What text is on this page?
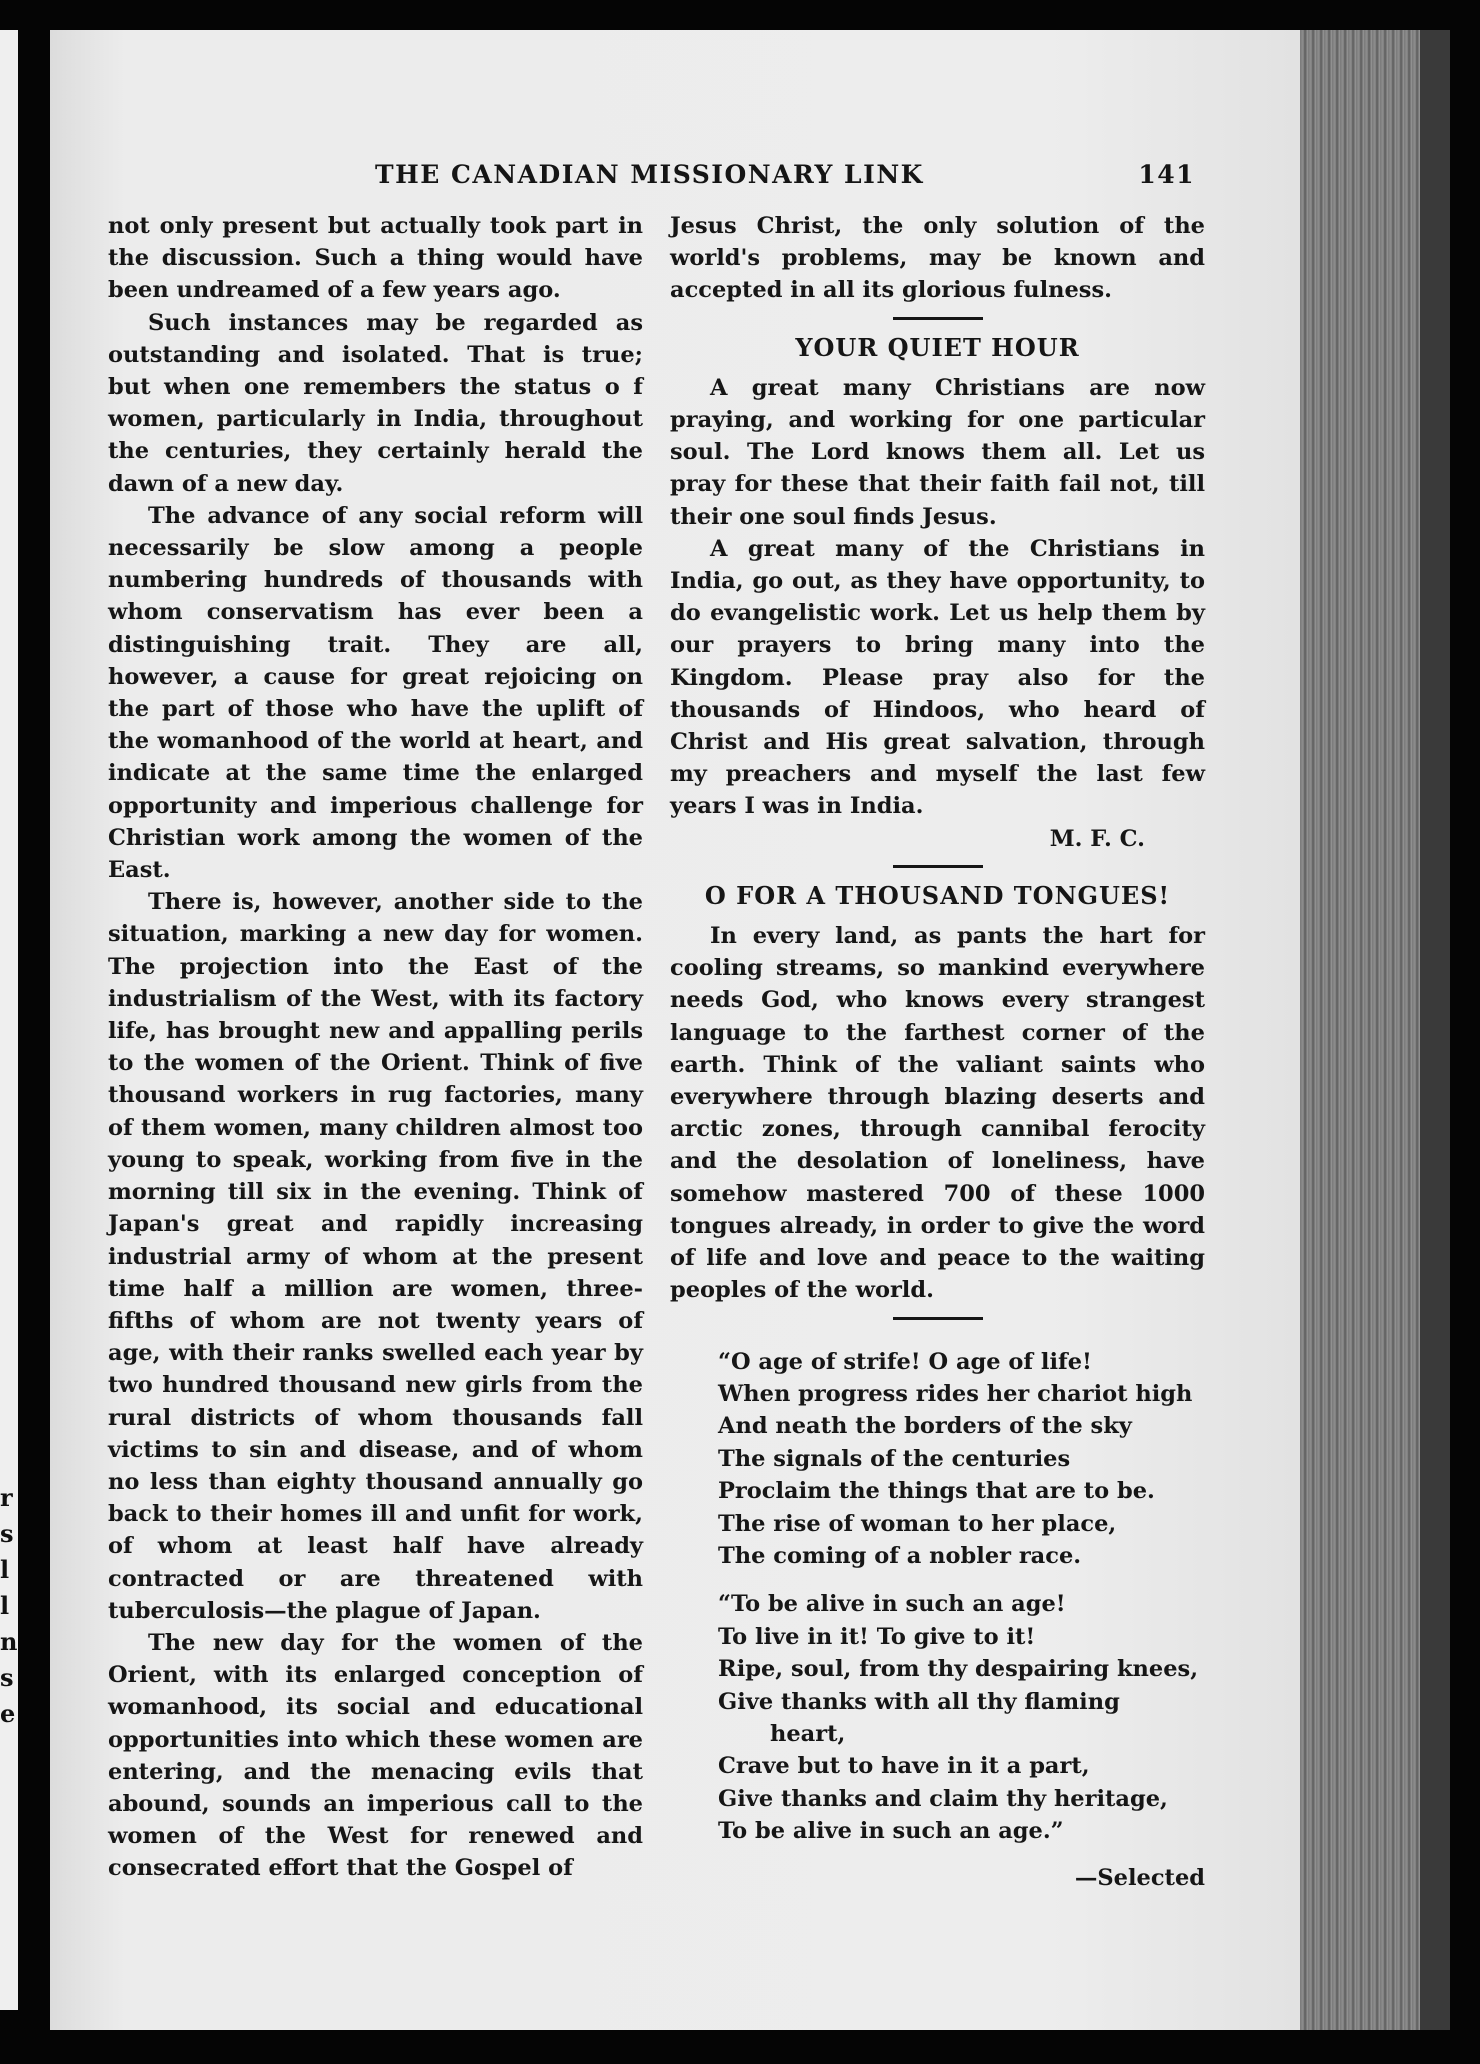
r
s
l
l
n
s
e
THE CANADIAN MISSIONARY LINK	141

not only present but actually took part in the discussion. Such a thing would have been undreamed of a few years ago.

Such instances may be regarded as outstanding and isolated. That is true; but when one remembers the status o f women, particularly in India, throughout the centuries, they certainly herald the dawn of a new day.

The advance of any social reform will necessarily be slow among a people numbering hundreds of thousands with whom conservatism has ever been a distinguishing trait. They are all, however, a cause for great rejoicing on the part of those who have the uplift of the womanhood of the world at heart, and indicate at the same time the enlarged opportunity and imperious challenge for Christian work among the women of the East.

There is, however, another side to the situation, marking a new day for women. The projection into the East of the industrialism of the West, with its factory life, has brought new and appalling perils to the women of the Orient. Think of five thousand workers in rug factories, many of them women, many children almost too young to speak, working from five in the morning till six in the evening. Think of Japan's great and rapidly increasing industrial army of whom at the present time half a million are women, three-fifths of whom are not twenty years of age, with their ranks swelled each year by two hundred thousand new girls from the rural districts of whom thousands fall victims to sin and disease, and of whom no less than eighty thousand annually go back to their homes ill and unfit for work, of whom at least half have already contracted or are threatened with tuberculosis—the plague of Japan.

The new day for the women of the Orient, with its enlarged conception of womanhood, its social and educational opportunities into which these women are entering, and the menacing evils that abound, sounds an imperious call to the women of the West for renewed and consecrated effort that the Gospel of

Jesus Christ, the only solution of the world's problems, may be known and accepted in all its glorious fulness.

YOUR QUIET HOUR

A great many Christians are now praying, and working for one particular soul. The Lord knows them all. Let us pray for these that their faith fail not, till their one soul finds Jesus.

A great many of the Christians in India, go out, as they have opportunity, to do evangelistic work. Let us help them by our prayers to bring many into the Kingdom. Please pray also for the thousands of Hindoos, who heard of Christ and His great salvation, through my preachers and myself the last few years I was in India.

M. F. C.

O FOR A THOUSAND TONGUES!

In every land, as pants the hart for cooling streams, so mankind everywhere needs God, who knows every strangest language to the farthest corner of the earth. Think of the valiant saints who everywhere through blazing deserts and arctic zones, through cannibal ferocity and the desolation of loneliness, have somehow mastered 700 of these 1000 tongues already, in order to give the word of life and love and peace to the waiting peoples of the world.

“O age of strife! O age of life!
When progress rides her chariot high
And neath the borders of the sky
The signals of the centuries
Proclaim the things that are to be.
The rise of woman to her place,
The coming of a nobler race.
“To be alive in such an age!
To live in it! To give to it!
Ripe, soul, from thy despairing knees,
Give thanks with all thy flaming
heart,
Crave but to have in it a part,
Give thanks and claim thy heritage,
To be alive in such an age.”
—Selected
